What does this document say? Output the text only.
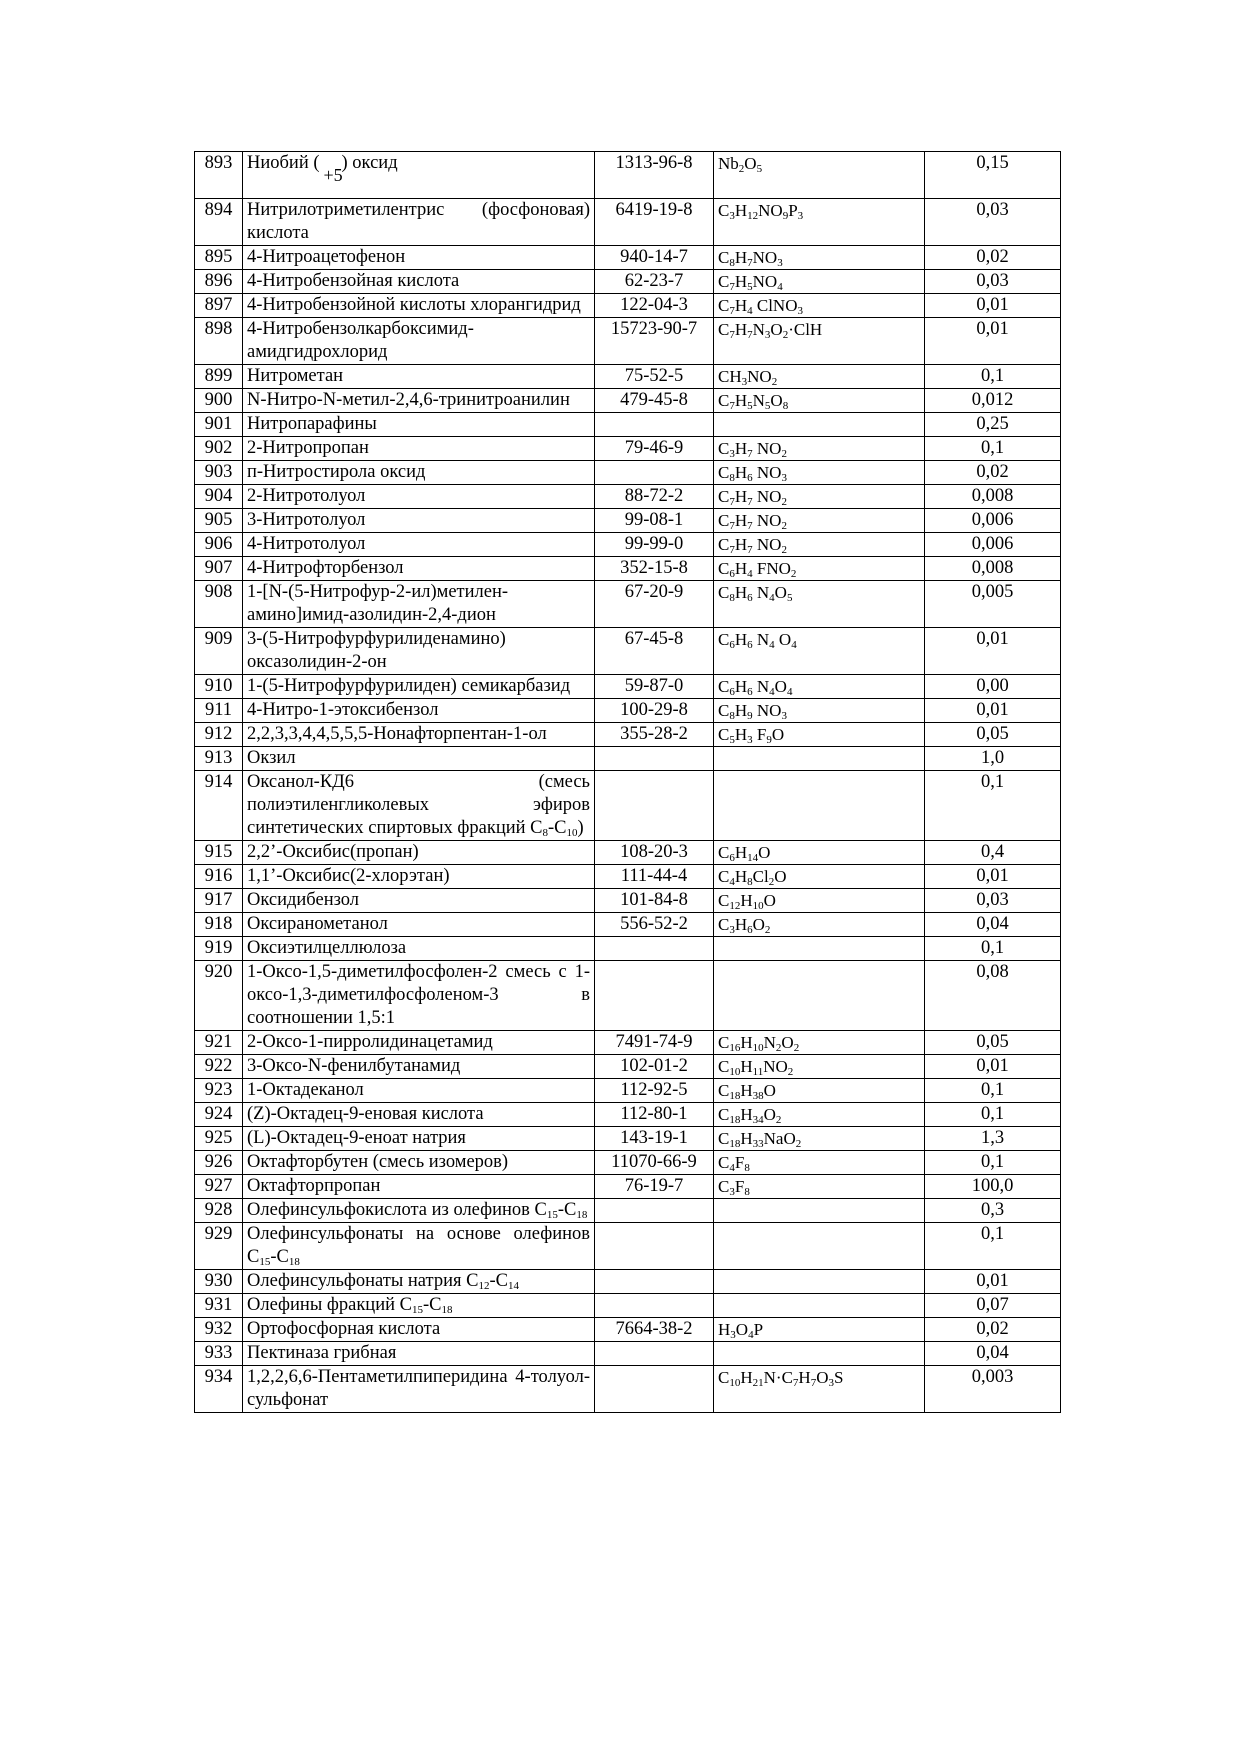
893	Ниобий (
+5
) оксид	1313-96-8	$Nb_2O_5$	0,15
894	Нитрилотриметилентрис (фосфоновая) кислота	6419-19-8	$C_3H_{12}NO_9P_3$	0,03
895	4-Нитроацетофенон	940-14-7	$C_8H_7NO_3$	0,02
896	4-Нитробензойная кислота	62-23-7	$C_7H_5NO_4$	0,03
897	4-Нитробензойной кислоты хлорангидрид	122-04-3	$C_7H_4$ ClNO$_3$	0,01
898	4-Нитробензолкарбоксимид-амидгидрохлорид	15723-90-7	$C_7H_7N_3O_2\cdot ClH$	0,01
899	Нитрометан	75-52-5	$CH_3NO_2$	0,1
900	N-Нитро-N-метил-2,4,6-тринитроанилин	479-45-8	$C_7H_5N_5O_8$	0,012
901	Нитропарафины			0,25
902	2-Нитропропан	79-46-9	$C_3H_7$ $NO_2$	0,1
903	п-Нитростирола оксид		$C_8H_6$ $NO_3$	0,02
904	2-Нитротолуол	88-72-2	$C_7H_7$ $NO_2$	0,008
905	3-Нитротолуол	99-08-1	$C_7H_7$ $NO_2$	0,006
906	4-Нитротолуол	99-99-0	$C_7H_7$ $NO_2$	0,006
907	4-Нитрофторбензол	352-15-8	$C_6H_4$ $FNO_2$	0,008
908	1-[N-(5-Нитрофур-2-ил)метилен-амино]имид-азолидин-2,4-дион	67-20-9	$C_8H_6$ $N_4O_5$	0,005
909	3-(5-Нитрофурфурилиденамино) оксазолидин-2-он	67-45-8	$C_6H_6$ $N_4$ $O_4$	0,01
910	1-(5-Нитрофурфурилиден) семикарбазид	59-87-0	$C_6H_6$ $N_4O_4$	0,00
911	4-Нитро-1-этоксибензол	100-29-8	$C_8H_9$ $NO_3$	0,01
912	2,2,3,3,4,4,5,5,5-Нонафторпентан-1-ол	355-28-2	$C_5H_3$ $F_9O$	0,05
913	Окзил			1,0
914	Оксанол-КД6 (смесь полиэтиленгликолевых эфиров синтетических спиртовых фракций $C_8-C_{10}$)			0,1
915	2,2’-Оксибис(пропан)	108-20-3	$C_6H_{14}O$	0,4
916	1,1’-Оксибис(2-хлорэтан)	111-44-4	$C_4H_8Cl_2O$	0,01
917	Оксидибензол	101-84-8	$C_{12}H_{10}O$	0,03
918	Оксиранометанол	556-52-2	$C_3H_6O_2$	0,04
919	Оксиэтилцеллюлоза			0,1
920	1-Оксо-1,5-диметилфосфолен-2 смесь с 1-оксо-1,3-диметилфосфоленом-3 в соотношении 1,5:1			0,08
921	2-Оксо-1-пирролидинацетамид	7491-74-9	$C_{16}H_{10}N_2O_2$	0,05
922	3-Оксо-N-фенилбутанамид	102-01-2	$C_{10}H_{11}NO_2$	0,01
923	1-Октадеканол	112-92-5	$C_{18}H_{38}O$	0,1
924	(Z)-Октадец-9-еновая кислота	112-80-1	$C_{18}H_{34}O_2$	0,1
925	(L)-Октадец-9-еноат натрия	143-19-1	$C_{18}H_{33}NaO_2$	1,3
926	Октафторбутен (смесь изомеров)	11070-66-9	$C_4F_8$	0,1
927	Октафторпропан	76-19-7	$C_3F_8$	100,0
928	Олефинсульфокислота из олефинов $C_{15}-C_{18}$			0,3
929	Олефинсульфонаты на основе олефинов $C_{15}-C_{18}$			0,1
930	Олефинсульфонаты натрия $C_{12}-C_{14}$			0,01
931	Олефины фракций $C_{15}-C_{18}$			0,07
932	Ортофосфорная кислота	7664-38-2	$H_3O_4P$	0,02
933	Пектиназа грибная			0,04
934	1,2,2,6,6-Пентаметилпиперидина 4-толуол-сульфонат		$C_{10}H_{21}N\cdot C_7H_7O_3S$	0,003
